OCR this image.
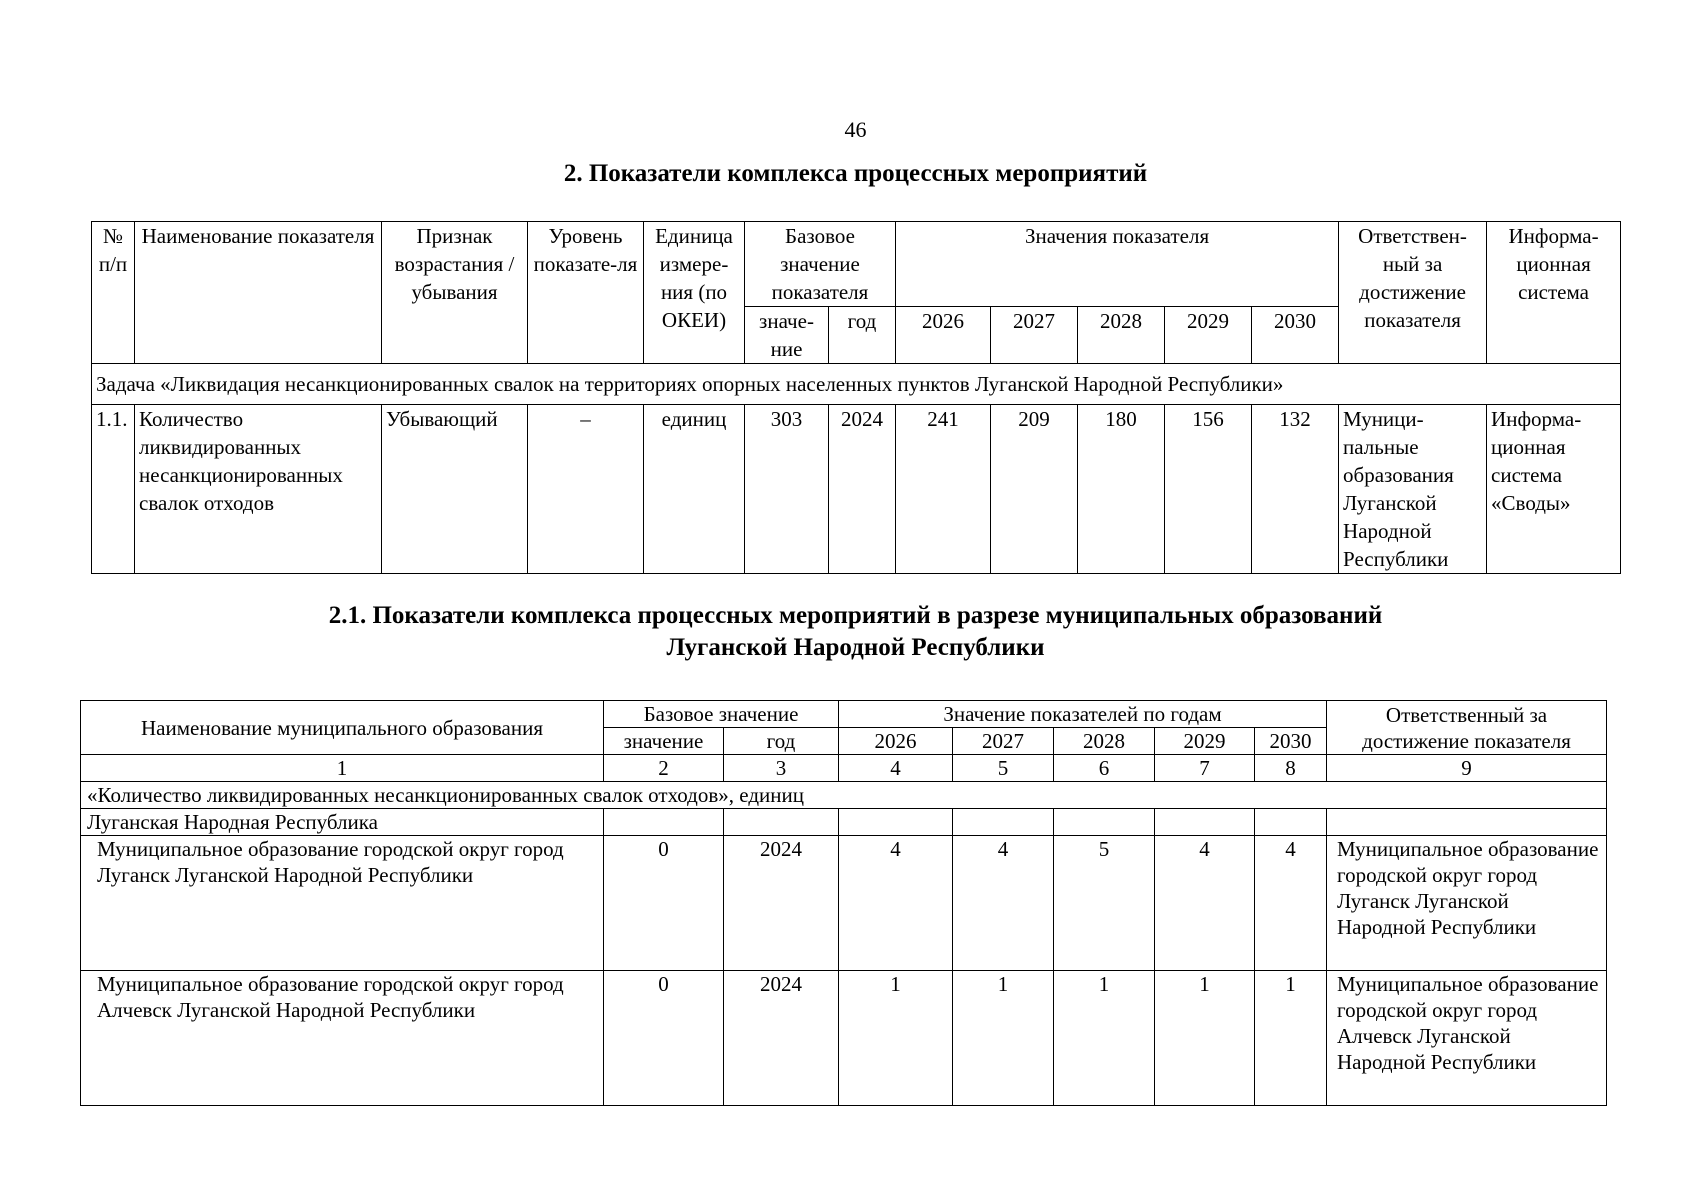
46
2. Показатели комплекса процессных мероприятий
№ п/п	Наименование показателя	Признак возрастания / убывания	Уровень показате-ля	Единица измере-ния (по ОКЕИ)	Базовое значение показателя		Значения показателя					Ответствен-ный за достижение показателя	Информа-ционная система
					значе-ние	год	2026	2027	2028	2029	2030		
Задача «Ликвидация несанкционированных свалок на территориях опорных населенных пунктов Луганской Народной Республики»													
1.1.	Количество ликвидированных несанкционированных свалок отходов	Убывающий	–	единиц	303	2024	241	209	180	156	132	Муници-пальные образования Луганской Народной Республики	Информа-ционная система «Своды»
2.1. Показатели комплекса процессных мероприятий в разрезе муниципальных образований
Луганской Народной Республики
Наименование муниципального образования	Базовое значение		Значение показателей по годам					Ответственный за достижение показателя
	значение	год	2026	2027	2028	2029	2030	
1	2	3	4	5	6	7	8	9
«Количество ликвидированных несанкционированных свалок отходов», единиц								
Луганская Народная Республика								
Муниципальное образование городской округ город Луганск Луганской Народной Республики	0	2024	4	4	5	4	4	Муниципальное образование городской округ город Луганск Луганской Народной Республики
Муниципальное образование городской округ город Алчевск Луганской Народной Республики	0	2024	1	1	1	1	1	Муниципальное образование городской округ город Алчевск Луганской Народной Республики
